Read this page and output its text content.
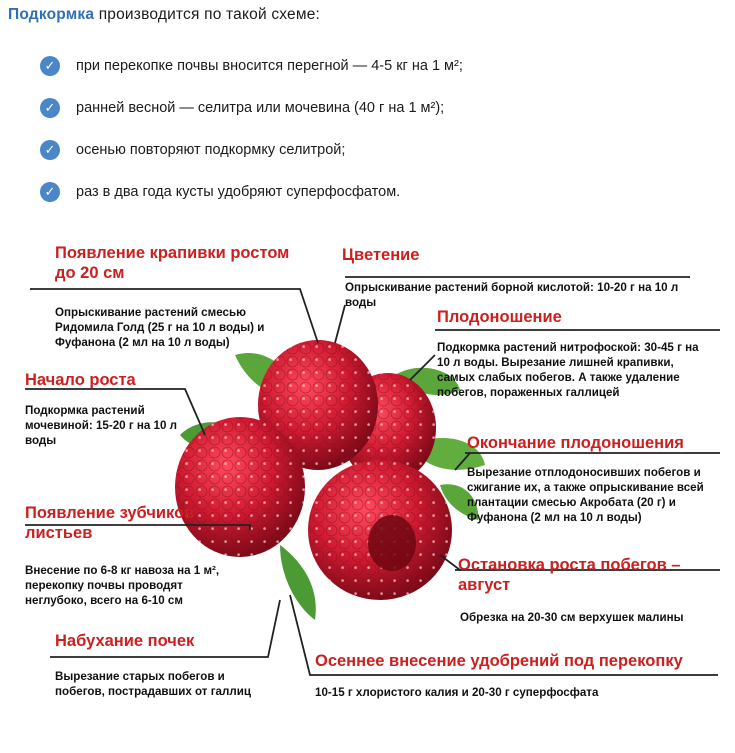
Подкормка производится по такой схеме:
✓	при перекопке почвы вносится перегной — 4-5 кг на 1 м²;
✓	ранней весной — селитра или мочевина (40 г на 1 м²);
✓	осенью повторяют подкормку селитрой;
✓	раз в два года кусты удобряют суперфосфатом.
Появление крапивки ростом до 20 см
Опрыскивание растений смесью Ридомила Голд (25 г на 10 л воды) и Фуфанона (2 мл на 10 л воды)
Начало роста
Подкормка растений мочевиной: 15-20 г на 10 л воды
Появление зубчиков листьев
Внесение по 6-8 кг навоза на 1 м², перекопку почвы проводят неглубоко, всего на 6-10 см
Набухание почек
Вырезание старых побегов и побегов, пострадавших от галлиц
Цветение
Опрыскивание растений борной кислотой: 10-20 г на 10 л воды
Плодоношение
Подкормка растений нитрофоской: 30-45 г на 10 л воды. Вырезание лишней крапивки, самых слабых побегов. А также удаление побегов, пораженных галлицей
Окончание плодоношения
Вырезание отплодоносивших побегов и сжигание их, а также опрыскивание всей плантации смесью Акробата (20 г) и Фуфанона (2 мл на 10 л воды)
Остановка роста побегов – август
Обрезка на 20-30 см верхушек малины
Осеннее внесение удобрений под перекопку
10-15 г хлористого калия и 20-30 г суперфосфата
